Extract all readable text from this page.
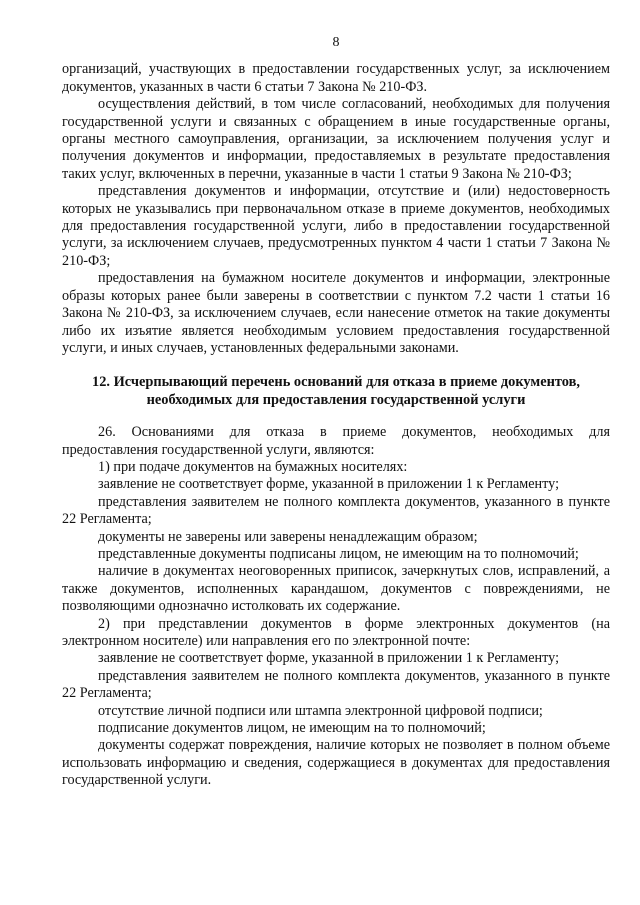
8

организаций, участвующих в предоставлении государственных услуг, за исключением документов, указанных в части 6 статьи 7 Закона № 210-ФЗ.

осуществления действий, в том числе согласований, необходимых для получения государственной услуги и связанных с обращением в иные государственные органы, органы местного самоуправления, организации, за исключением получения услуг и получения документов и информации, предоставляемых в результате предоставления таких услуг, включенных в перечни, указанные в части 1 статьи 9 Закона № 210-ФЗ;

представления документов и информации, отсутствие и (или) недостоверность которых не указывались при первоначальном отказе в приеме документов, необходимых для предоставления государственной услуги, либо в предоставлении государственной услуги, за исключением случаев, предусмотренных пунктом 4 части 1 статьи 7 Закона № 210-ФЗ;

предоставления на бумажном носителе документов и информации, электронные образы которых ранее были заверены в соответствии с пунктом 7.2 части 1 статьи 16 Закона № 210-ФЗ, за исключением случаев, если нанесение отметок на такие документы либо их изъятие является необходимым условием предоставления государственной услуги, и иных случаев, установленных федеральными законами.

12. Исчерпывающий перечень оснований для отказа в приеме документов,
необходимых для предоставления государственной услуги

26. Основаниями для отказа в приеме документов, необходимых для предоставления государственной услуги, являются:

1) при подаче документов на бумажных носителях:

заявление не соответствует форме, указанной в приложении 1 к Регламенту;

представления заявителем не полного комплекта документов, указанного в пункте 22 Регламента;

документы не заверены или заверены ненадлежащим образом;

представленные документы подписаны лицом, не имеющим на то полномочий;

наличие в документах неоговоренных приписок, зачеркнутых слов, исправлений, а также документов, исполненных карандашом, документов с повреждениями, не позволяющими однозначно истолковать их содержание.

2) при представлении документов в форме электронных документов (на электронном носителе) или направления его по электронной почте:

заявление не соответствует форме, указанной в приложении 1 к Регламенту;

представления заявителем не полного комплекта документов, указанного в пункте 22 Регламента;

отсутствие личной подписи или штампа электронной цифровой подписи;

подписание документов лицом, не имеющим на то полномочий;

документы содержат повреждения, наличие которых не позволяет в полном объеме использовать информацию и сведения, содержащиеся в документах для предоставления государственной услуги.
